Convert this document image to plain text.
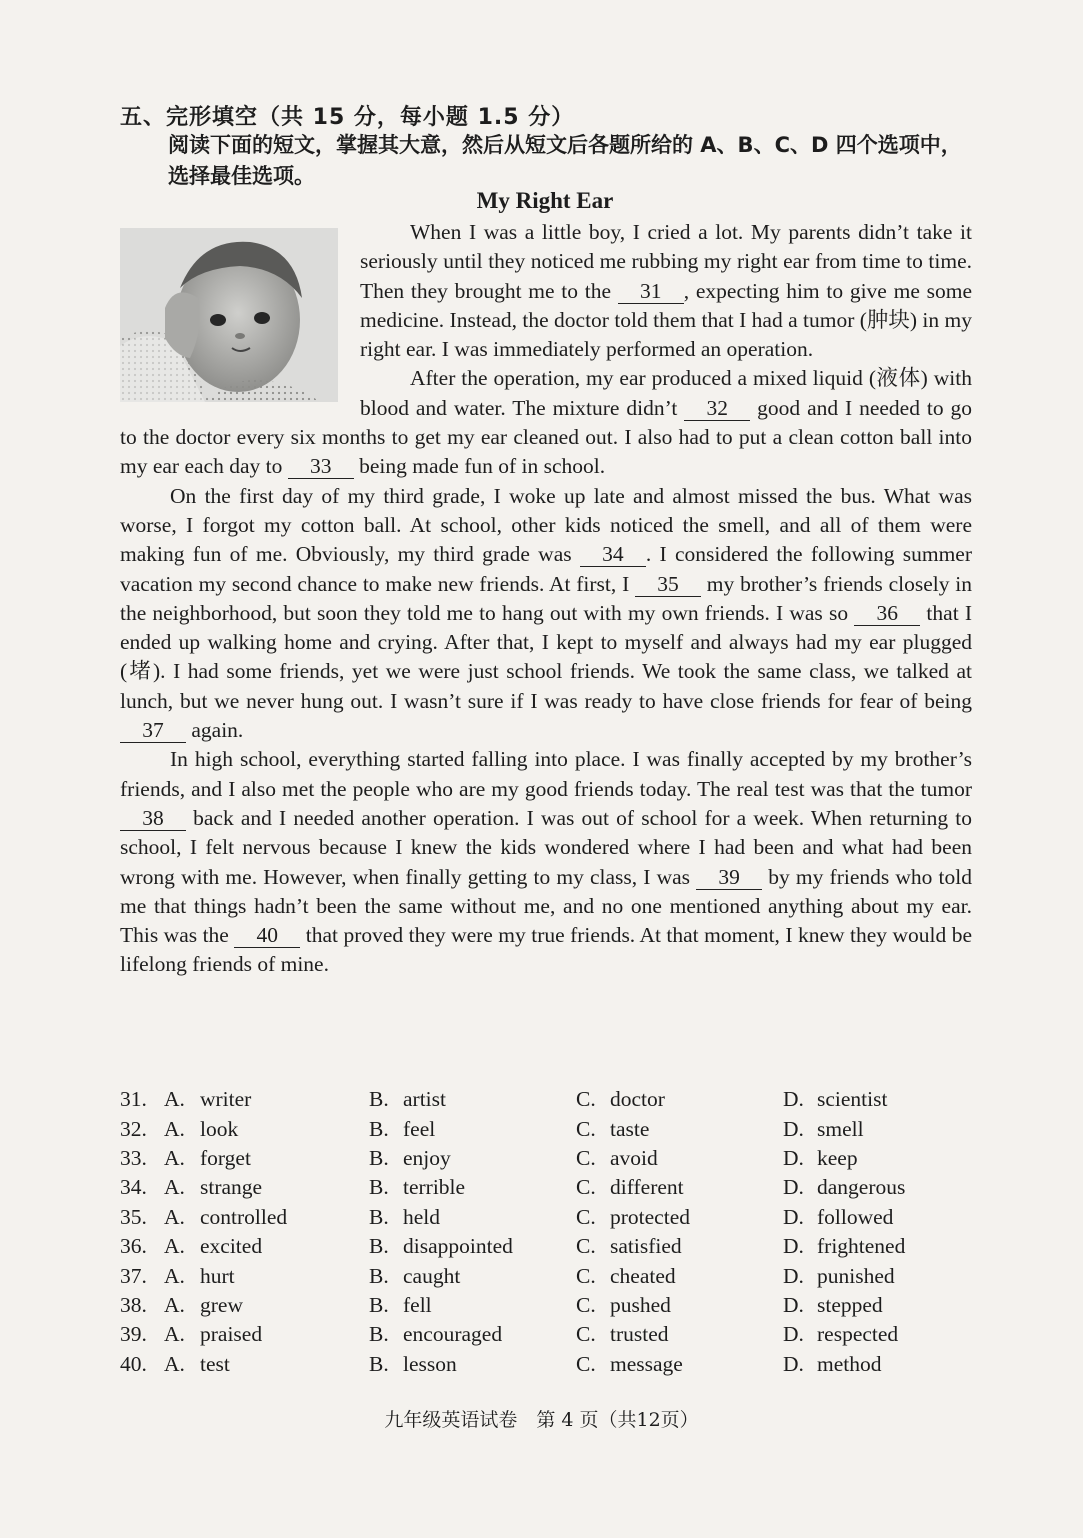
五、完形填空（共 15 分，每小题 1.5 分）
阅读下面的短文，掌握其大意，然后从短文后各题所给的 A、B、C、D 四个选项中，选择最佳选项。
My Right Ear

When I was a little boy, I cried a lot. My parents didn’t take it seriously until they noticed me rubbing my right ear from time to time. Then they brought me to the 31 , expecting him to give me some medicine. Instead, the doctor told them that I had a tumor (肿块) in my right ear. I was immediately performed an operation.

After the operation, my ear produced a mixed liquid (液体) with blood and water. The mixture didn’t 32 good and I needed to go to the doctor every six months to get my ear cleaned out. I also had to put a clean cotton ball into my ear each day to 33 being made fun of in school.

On the first day of my third grade, I woke up late and almost missed the bus. What was worse, I forgot my cotton ball. At school, other kids noticed the smell, and all of them were making fun of me. Obviously, my third grade was 34 . I considered the following summer vacation my second chance to make new friends. At first, I 35 my brother’s friends closely in the neighborhood, but soon they told me to hang out with my own friends. I was so 36 that I ended up walking home and crying. After that, I kept to myself and always had my ear plugged (堵). I had some friends, yet we were just school friends. We took the same class, we talked at lunch, but we never hung out. I wasn’t sure if I was ready to have close friends for fear of being 37 again.

In high school, everything started falling into place. I was finally accepted by my brother’s friends, and I also met the people who are my good friends today. The real test was that the tumor 38 back and I needed another operation. I was out of school for a week. When returning to school, I felt nervous because I knew the kids wondered where I had been and what had been wrong with me. However, when finally getting to my class, I was 39 by my friends who told me that things hadn’t been the same without me, and no one mentioned anything about my ear. This was the 40 that proved they were my true friends. At that moment, I knew they would be lifelong friends of mine.

31. A. writer	B. artist	C. doctor	D. scientist
32. A. look	B. feel	C. taste	D. smell
33. A. forget	B. enjoy	C. avoid	D. keep
34. A. strange	B. terrible	C. different	D. dangerous
35. A. controlled	B. held	C. protected	D. followed
36. A. excited	B. disappointed	C. satisfied	D. frightened
37. A. hurt	B. caught	C. cheated	D. punished
38. A. grew	B. fell	C. pushed	D. stepped
39. A. praised	B. encouraged	C. trusted	D. respected
40. A. test	B. lesson	C. message	D. method
九年级英语试卷　第 4 页（共12页）
